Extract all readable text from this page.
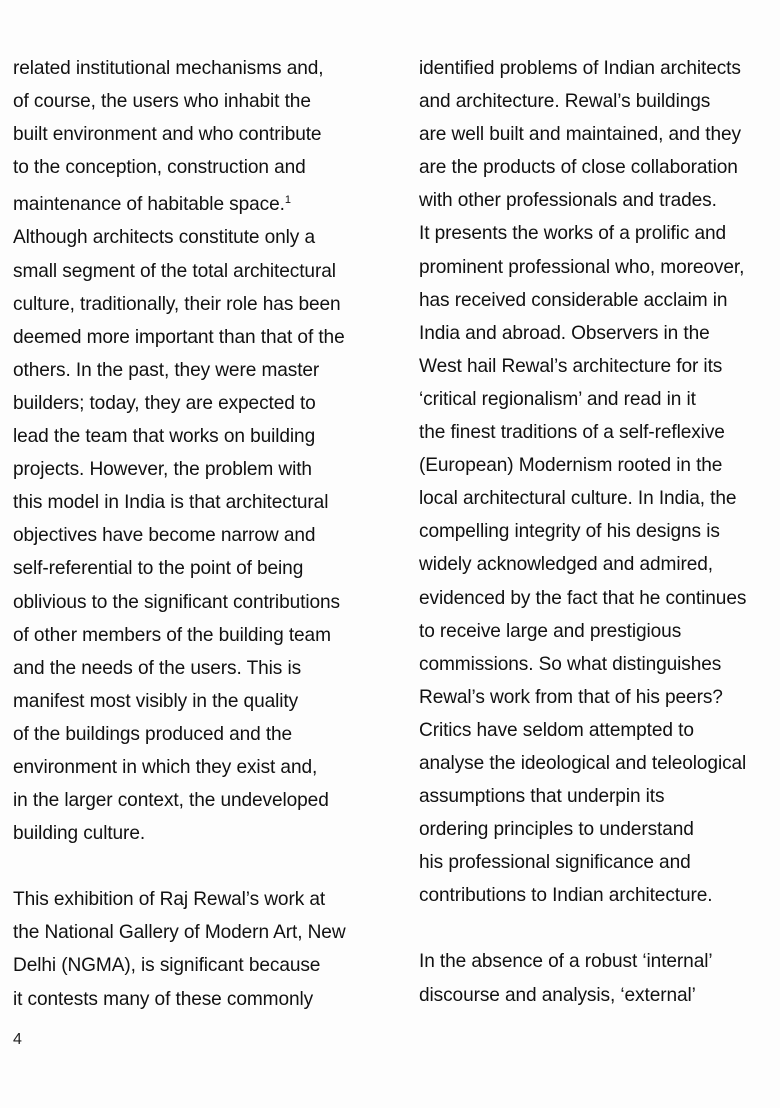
related institutional mechanisms and,
of course, the users who inhabit the
built environment and who contribute
to the conception, construction and
maintenance of habitable space.$^1$
Although architects constitute only a
small segment of the total architectural
culture, traditionally, their role has been
deemed more important than that of the
others. In the past, they were master
builders; today, they are expected to
lead the team that works on building
projects. However, the problem with
this model in India is that architectural
objectives have become narrow and
self-referential to the point of being
oblivious to the significant contributions
of other members of the building team
and the needs of the users. This is
manifest most visibly in the quality
of the buildings produced and the
environment in which they exist and,
in the larger context, the undeveloped
building culture.

This exhibition of Raj Rewal’s work at
the National Gallery of Modern Art, New
Delhi (NGMA), is significant because
it contests many of these commonly

identified problems of Indian architects
and architecture. Rewal’s buildings
are well built and maintained, and they
are the products of close collaboration
with other professionals and trades.
It presents the works of a prolific and
prominent professional who, moreover,
has received considerable acclaim in
India and abroad. Observers in the
West hail Rewal’s architecture for its
‘critical regionalism’ and read in it
the finest traditions of a self-reflexive
(European) Modernism rooted in the
local architectural culture. In India, the
compelling integrity of his designs is
widely acknowledged and admired,
evidenced by the fact that he continues
to receive large and prestigious
commissions. So what distinguishes
Rewal’s work from that of his peers?
Critics have seldom attempted to
analyse the ideological and teleological
assumptions that underpin its
ordering principles to understand
his professional significance and
contributions to Indian architecture.

In the absence of a robust ‘internal’
discourse and analysis, ‘external’

4
